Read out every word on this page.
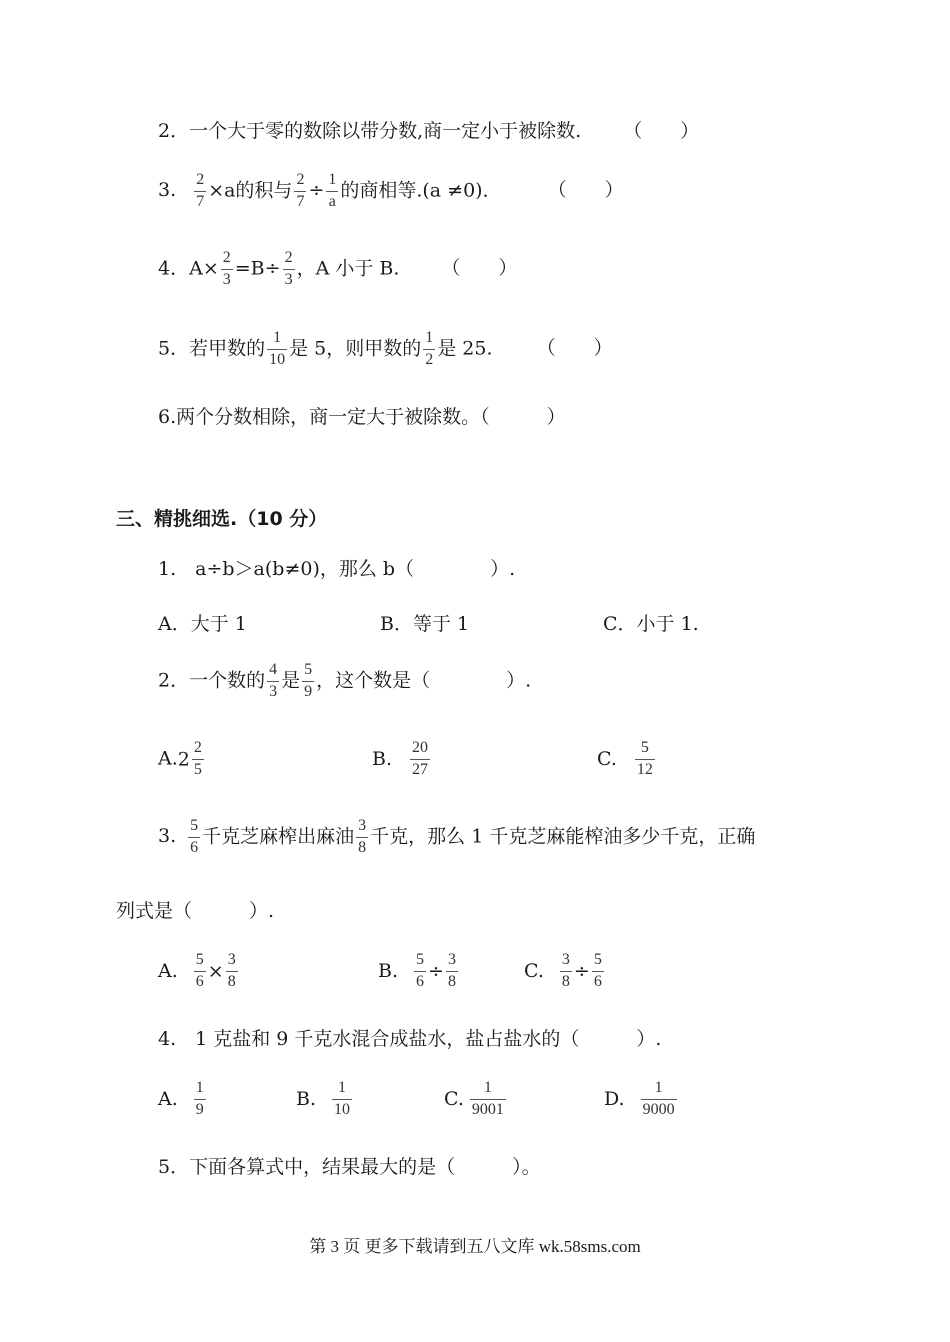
2．一个大于零的数除以带分数,商一定小于被除数. （　　）
3. $\frac{2}{7} \times a$的积与 $\frac{2}{7} \div \frac{1}{a}$ 的商相等.(a ≠0)． （　　）
4．$A\times \frac{2}{3} =B\div \frac{2}{3}$ ，A 小于 B. （　　）
5．若甲数的 $\frac{1}{10}$ 是 5，则甲数的 $\frac{1}{2}$ 是 25. （　　）
6.两个分数相除，商一定大于被除数。（　　　）
三、精挑细选.（10 分）
1.　a÷b＞a(b≠0)，那么 b（　　　　）.
A．大于 1	B．等于 1	C．小于 1.
2．一个数的 $\frac{4}{3}$ 是 $\frac{5}{9}$ ，这个数是（　　　　）.
$A.2 \frac{2}{5}$	B. $\frac{20}{27}$	C. $\frac{5}{12}$
3. $\frac{5}{6}$ 千克芝麻榨出麻油 $\frac{3}{8}$ 千克，那么 1 千克芝麻能榨油多少千克，正确
列式是（　　　）.
A. $\frac{5}{6} \times \frac{3}{8}$	B. $\frac{5}{6} \div \frac{3}{8}$	C. $\frac{3}{8} \div \frac{5}{6}$
4.　1 克盐和 9 千克水混合成盐水，盐占盐水的（　　　）.
A. $\frac{1}{9}$	B. $\frac{1}{10}$	C. $\frac{1}{9001}$	D. $\frac{1}{9000}$
5．下面各算式中，结果最大的是（　　　）。
第 3 页 更多下载请到五八文库 wk.58sms.com
